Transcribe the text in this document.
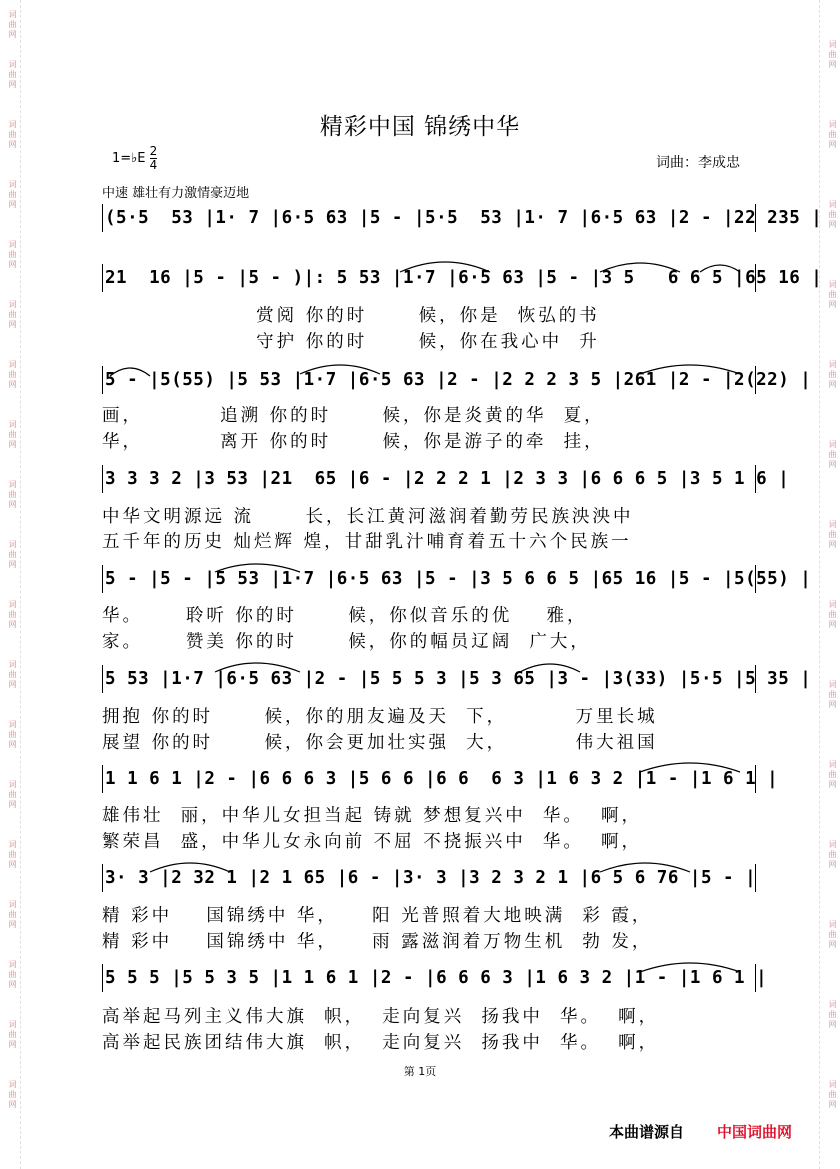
词曲网
词曲网
词曲网
词曲网
词曲网
词曲网
词曲网
词曲网
词曲网
词曲网
词曲网
词曲网
词曲网
词曲网
词曲网
词曲网
词曲网
词曲网
词曲网
词曲网
词曲网
词曲网
词曲网
词曲网
词曲网
词曲网
词曲网
词曲网
词曲网
词曲网
词曲网
词曲网
词曲网
精彩中国 锦绣中华
1=♭E $\frac{2}{4}$	词曲：李成忠
中速 雄壮有力激情豪迈地
(5·5  53 |1· 7 |6·5 63 |5 - |5·5  53 |1· 7 |6·5 63 |2 - |22 235 |
21  16 |5 - |5 - )|: 5 53 |1·7 |6·5 63 |5 - |3 5   6 6 5 |65 16 |
赏阅 你的时      候，你是  恢弘的书
守护 你的时      候，你在我心中  升
5 - |5(55) |5 53 |1·7 |6·5 63 |2 - |2 2 2 3 5 |261 |2 - |2(22) |
画，         追溯 你的时      候，你是炎黄的华  夏，
华，         离开 你的时      候，你是游子的牵  挂，
3 3 3 2 |3 53 |21  65 |6 - |2 2 2 1 |2 3 3 |6 6 6 5 |3 5 1 6 |
中华文明源远 流      长，长江黄河滋润着勤劳民族泱泱中
五千年的历史 灿烂辉 煌，甘甜乳汁哺育着五十六个民族一
5 - |5 - |5 53 |1·7 |6·5 63 |5 - |3 5 6 6 5 |65 16 |5 - |5(55) |
华。     聆听 你的时      候，你似音乐的优    雅，
家。     赞美 你的时      候，你的幅员辽阔  广大，
5 53 |1·7 |6·5 63 |2 - |5 5 5 3 |5 3 65 |3 - |3(33) |5·5 |5 35 |
拥抱 你的时      候，你的朋友遍及天  下，        万里长城
展望 你的时      候，你会更加壮实强  大，        伟大祖国
1 1 6 1 |2 - |6 6 6 3 |5 6 6 |6 6  6 3 |1 6 3 2 |1 - |1 6 1 |
雄伟壮  丽，中华儿女担当起 铸就 梦想复兴中  华。  啊，
繁荣昌  盛，中华儿女永向前 不屈 不挠振兴中  华。  啊，
3· 3 |2 32 1 |2 1 65 |6 - |3· 3 |3 2 3 2 1 |6 5 6 76 |5 - |
精 彩中    国锦绣中 华，    阳 光普照着大地映满  彩 霞，
精 彩中    国锦绣中 华，    雨 露滋润着万物生机  勃 发，
5 5 5 |5 5 3 5 |1 1 6 1 |2 - |6 6 6 3 |1 6 3 2 |1 - |1 6 1 |
高举起马列主义伟大旗  帜，  走向复兴  扬我中  华。  啊，
高举起民族团结伟大旗  帜，  走向复兴  扬我中  华。  啊，
第 1页
本曲谱源自 中国词曲网
